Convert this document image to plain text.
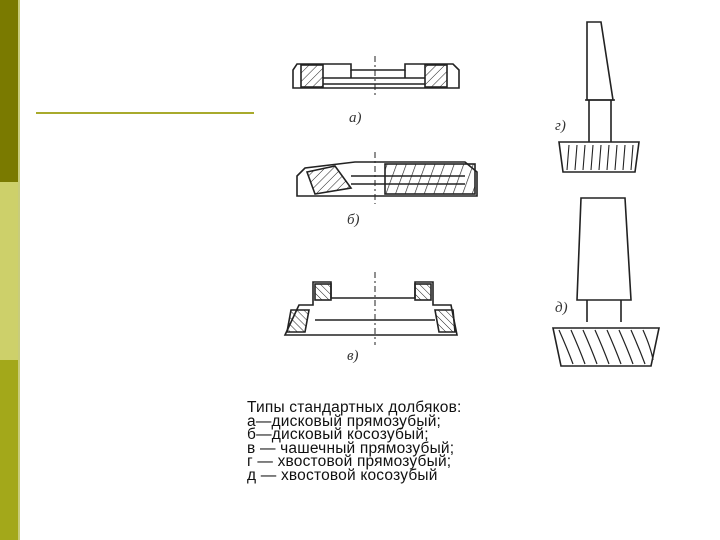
а)
б)
в)
г)
д)
Типы стандартных долбяков:
а—дисковый прямозубый;
б—дисковый косозубый;
в — чашечный прямозубый;
г — хвостовой прямозубый;
д — хвостовой косозубый
